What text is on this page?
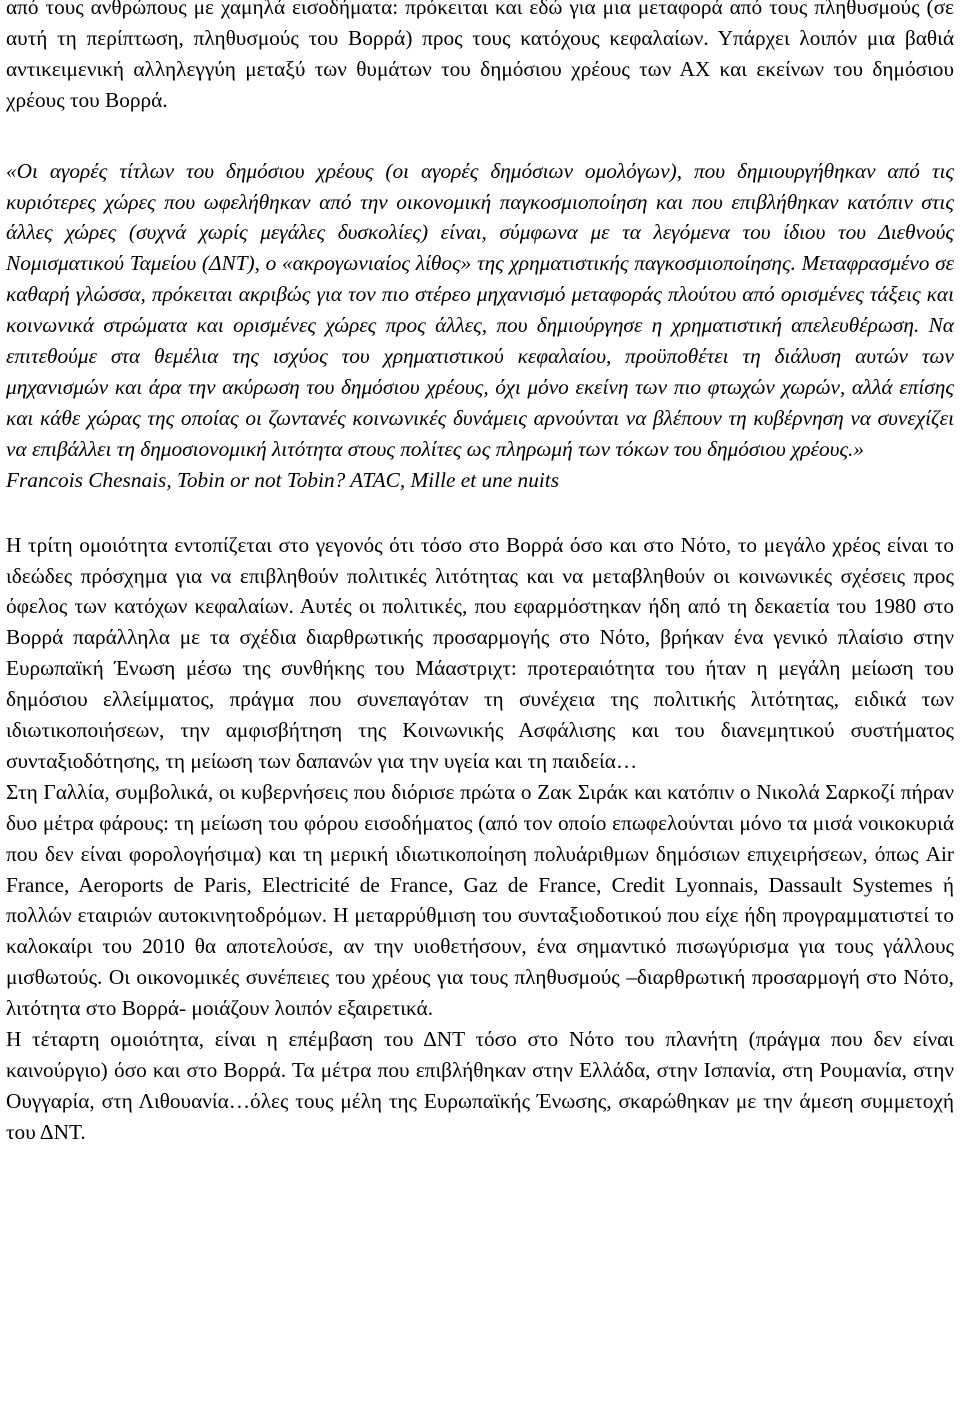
από τους ανθρώπους με χαμηλά εισοδήματα: πρόκειται και εδώ για μια μεταφορά από τους πληθυσμούς (σε αυτή τη περίπτωση, πληθυσμούς του Βορρά) προς τους κατόχους κεφαλαίων. Υπάρχει λοιπόν μια βαθιά αντικειμενική αλληλεγγύη μεταξύ των θυμάτων του δημόσιου χρέους των ΑΧ και εκείνων του δημόσιου χρέους του Βορρά.

«Οι αγορές τίτλων του δημόσιου χρέους (οι αγορές δημόσιων ομολόγων), που δημιουργήθηκαν από τις κυριότερες χώρες που ωφελήθηκαν από την οικονομική παγκοσμιοποίηση και που επιβλήθηκαν κατόπιν στις άλλες χώρες (συχνά χωρίς μεγάλες δυσκολίες) είναι, σύμφωνα με τα λεγόμενα του ίδιου του Διεθνούς Νομισματικού Ταμείου (ΔΝΤ), ο «ακρογωνιαίος λίθος» της χρηματιστικής παγκοσμιοποίησης. Μεταφρασμένο σε καθαρή γλώσσα, πρόκειται ακριβώς για τον πιο στέρεο μηχανισμό μεταφοράς πλούτου από ορισμένες τάξεις και κοινωνικά στρώματα και ορισμένες χώρες προς άλλες, που δημιούργησε η χρηματιστική απελευθέρωση. Να επιτεθούμε στα θεμέλια της ισχύος του χρηματιστικού κεφαλαίου, προϋποθέτει τη διάλυση αυτών των μηχανισμών και άρα την ακύρωση του δημόσιου χρέους, όχι μόνο εκείνη των πιο φτωχών χωρών, αλλά επίσης και κάθε χώρας της οποίας οι ζωντανές κοινωνικές δυνάμεις αρνούνται να βλέπουν τη κυβέρνηση να συνεχίζει να επιβάλλει τη δημοσιονομική λιτότητα στους πολίτες ως πληρωμή των τόκων του δημόσιου χρέους.»

Francois Chesnais, Tobin or not Tobin? ATAC, Mille et une nuits

Η τρίτη ομοιότητα εντοπίζεται στο γεγονός ότι τόσο στο Βορρά όσο και στο Νότο, το μεγάλο χρέος είναι το ιδεώδες πρόσχημα για να επιβληθούν πολιτικές λιτότητας και να μεταβληθούν οι κοινωνικές σχέσεις προς όφελος των κατόχων κεφαλαίων. Αυτές οι πολιτικές, που εφαρμόστηκαν ήδη από τη δεκαετία του 1980 στο Βορρά παράλληλα με τα σχέδια διαρθρωτικής προσαρμογής στο Νότο, βρήκαν ένα γενικό πλαίσιο στην Ευρωπαϊκή Ένωση μέσω της συνθήκης του Μάαστριχτ: προτεραιότητα του ήταν η μεγάλη μείωση του δημόσιου ελλείμματος, πράγμα που συνεπαγόταν τη συνέχεια της πολιτικής λιτότητας, ειδικά των ιδιωτικοποιήσεων, την αμφισβήτηση της Κοινωνικής Ασφάλισης και του διανεμητικού συστήματος συνταξιοδότησης, τη μείωση των δαπανών για την υγεία και τη παιδεία…

Στη Γαλλία, συμβολικά, οι κυβερνήσεις που διόρισε πρώτα ο Ζακ Σιράκ και κατόπιν ο Νικολά Σαρκοζί πήραν δυο μέτρα φάρους: τη μείωση του φόρου εισοδήματος (από τον οποίο επωφελούνται μόνο τα μισά νοικοκυριά που δεν είναι φορολογήσιμα) και τη μερική ιδιωτικοποίηση πολυάριθμων δημόσιων επιχειρήσεων, όπως Air France, Aeroports de Paris, Electricité de France, Gaz de France, Credit Lyonnais, Dassault Systemes ή πολλών εταιριών αυτοκινητοδρόμων. Η μεταρρύθμιση του συνταξιοδοτικού που είχε ήδη προγραμματιστεί το καλοκαίρι του 2010 θα αποτελούσε, αν την υιοθετήσουν, ένα σημαντικό πισωγύρισμα για τους γάλλους μισθωτούς. Οι οικονομικές συνέπειες του χρέους για τους πληθυσμούς –διαρθρωτική προσαρμογή στο Νότο, λιτότητα στο Βορρά- μοιάζουν λοιπόν εξαιρετικά.

Η τέταρτη ομοιότητα, είναι η επέμβαση του ΔΝΤ τόσο στο Νότο του πλανήτη (πράγμα που δεν είναι καινούργιο) όσο και στο Βορρά. Τα μέτρα που επιβλήθηκαν στην Ελλάδα, στην Ισπανία, στη Ρουμανία, στην Ουγγαρία, στη Λιθουανία…όλες τους μέλη της Ευρωπαϊκής Ένωσης, σκαρώθηκαν με την άμεση συμμετοχή του ΔΝΤ.
